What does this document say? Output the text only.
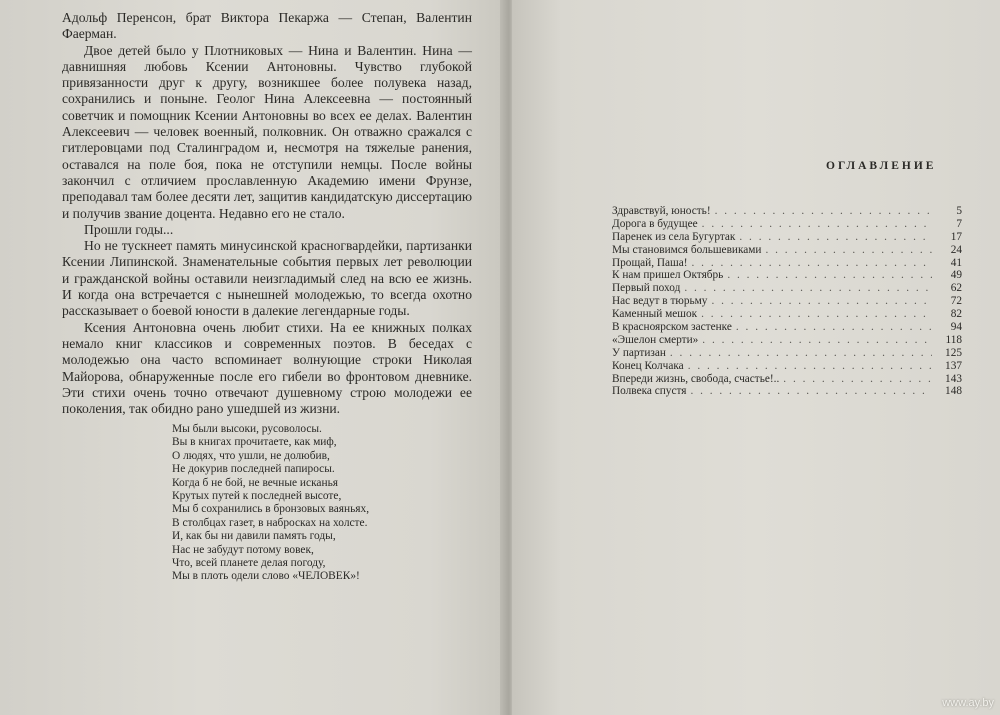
Адольф Перенсон, брат Виктора Пекаржа — Степан, Валентин Фаерман.

Двое детей было у Плотниковых — Нина и Валентин. Нина — давнишняя любовь Ксении Антоновны. Чувство глубокой привязанности друг к другу, возникшее более полувека назад, сохранились и поныне. Геолог Нина Алексеевна — постоянный советчик и помощник Ксении Антоновны во всех ее делах. Валентин Алексеевич — человек военный, полковник. Он отважно сражался с гитлеровцами под Сталинградом и, несмотря на тяжелые ранения, оставался на поле боя, пока не отступили немцы. После войны закончил с отличием прославленную Академию имени Фрунзе, преподавал там более десяти лет, защитив кандидатскую диссертацию и получив звание доцента. Недавно его не стало.

Прошли годы...

Но не тускнеет память минусинской красногвардейки, партизанки Ксении Липинской. Знаменательные события первых лет революции и гражданской войны оставили неизгладимый след на всю ее жизнь. И когда она встречается с нынешней молодежью, то всегда охотно рассказывает о боевой юности в далекие легендарные годы.

Ксения Антоновна очень любит стихи. На ее книжных полках немало книг классиков и современных поэтов. В беседах с молодежью она часто вспоминает волнующие строки Николая Майорова, обнаруженные после его гибели во фронтовом дневнике. Эти стихи очень точно отвечают душевному строю молодежи ее поколения, так обидно рано ушедшей из жизни.

Мы были высоки, русоволосы.
Вы в книгах прочитаете, как миф,
О людях, что ушли, не долюбив,
Не докурив последней папиросы.
Когда б не бой, не вечные исканья
Крутых путей к последней высоте,
Мы б сохранились в бронзовых ваяньях,
В столбцах газет, в набросках на холсте.
И, как бы ни давили память годы,
Нас не забудут потому вовек,
Что, всей планете делая погоду,
Мы в плоть одели слово «ЧЕЛОВЕК»!
ОГЛАВЛЕНИЕ
Здравствуй, юность! . . .	5
Дорога в будущее . . .	7
Паренек из села Бугуртак . . .	17
Мы становимся большевиками . . .	24
Прощай, Паша! . . .	41
К нам пришел Октябрь . . .	49
Первый поход . . .	62
Нас ведут в тюрьму . . .	72
Каменный мешок . . .	82
В красноярском застенке . . .	94
«Эшелон смерти» . . .	118
У партизан . . .	125
Конец Колчака . . .	137
Впереди жизнь, свобода, счастье!.. . . .	143
Полвека спустя . . .	148
www.ay.by
